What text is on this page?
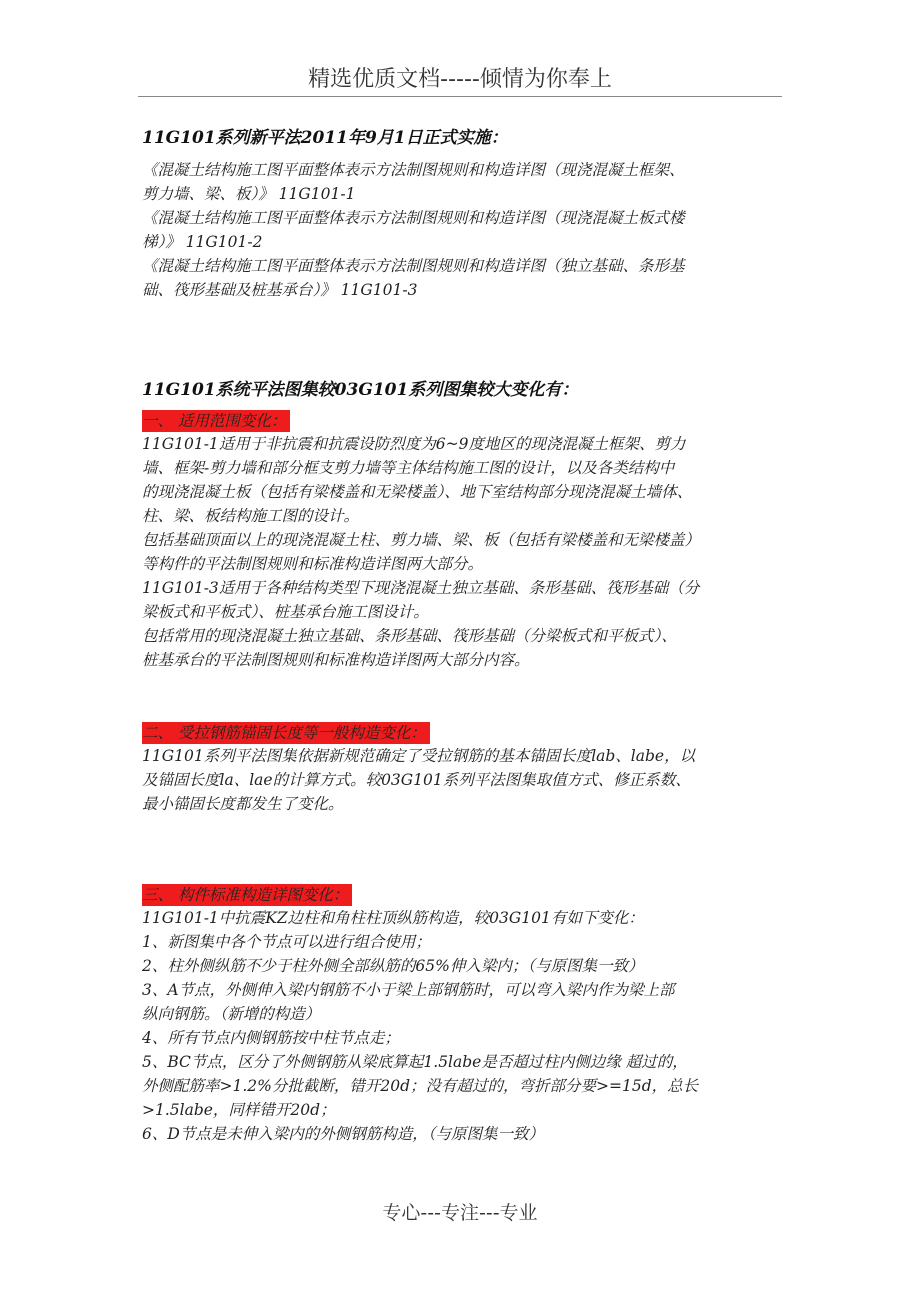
精选优质文档-----倾情为你奉上

11G101系列新平法2011年9月1日正式实施：

《混凝土结构施工图平面整体表示方法制图规则和构造详图（现浇混凝土框架、

剪力墙、梁、板）》 11G101-1

《混凝土结构施工图平面整体表示方法制图规则和构造详图（现浇混凝土板式楼

梯）》 11G101-2

《混凝土结构施工图平面整体表示方法制图规则和构造详图（独立基础、条形基

础、筏形基础及桩基承台）》 11G101-3

11G101系统平法图集较03G101系列图集较大变化有：

一、 适用范围变化：

11G101-1适用于非抗震和抗震设防烈度为6~9度地区的现浇混凝土框架、剪力

墙、框架-剪力墙和部分框支剪力墙等主体结构施工图的设计，以及各类结构中

的现浇混凝土板（包括有梁楼盖和无梁楼盖）、地下室结构部分现浇混凝土墙体、

柱、梁、板结构施工图的设计。

包括基础顶面以上的现浇混凝土柱、剪力墙、梁、板（包括有梁楼盖和无梁楼盖）

等构件的平法制图规则和标准构造详图两大部分。

11G101-3适用于各种结构类型下现浇混凝土独立基础、条形基础、筏形基础（分

梁板式和平板式）、桩基承台施工图设计。

包括常用的现浇混凝土独立基础、条形基础、筏形基础（分梁板式和平板式）、

桩基承台的平法制图规则和标准构造详图两大部分内容。

二、 受拉钢筋锚固长度等一般构造变化：

11G101系列平法图集依据新规范确定了受拉钢筋的基本锚固长度lab、labe，以

及锚固长度la、lae的计算方式。较03G101系列平法图集取值方式、修正系数、

最小锚固长度都发生了变化。

三、 构件标准构造详图变化：

11G101-1中抗震KZ边柱和角柱柱顶纵筋构造，较03G101有如下变化：

1、新图集中各个节点可以进行组合使用；

2、柱外侧纵筋不少于柱外侧全部纵筋的65%伸入梁内；（与原图集一致）

3、A节点，外侧伸入梁内钢筋不小于梁上部钢筋时，可以弯入梁内作为梁上部

纵向钢筋。（新增的构造）

4、所有节点内侧钢筋按中柱节点走；

5、BC节点，区分了外侧钢筋从梁底算起1.5labe是否超过柱内侧边缘 超过的，

外侧配筋率>1.2%分批截断，错开20d；没有超过的，弯折部分要>=15d，总长

>1.5labe，同样错开20d；

6、D节点是未伸入梁内的外侧钢筋构造，（与原图集一致）

专心---专注---专业
